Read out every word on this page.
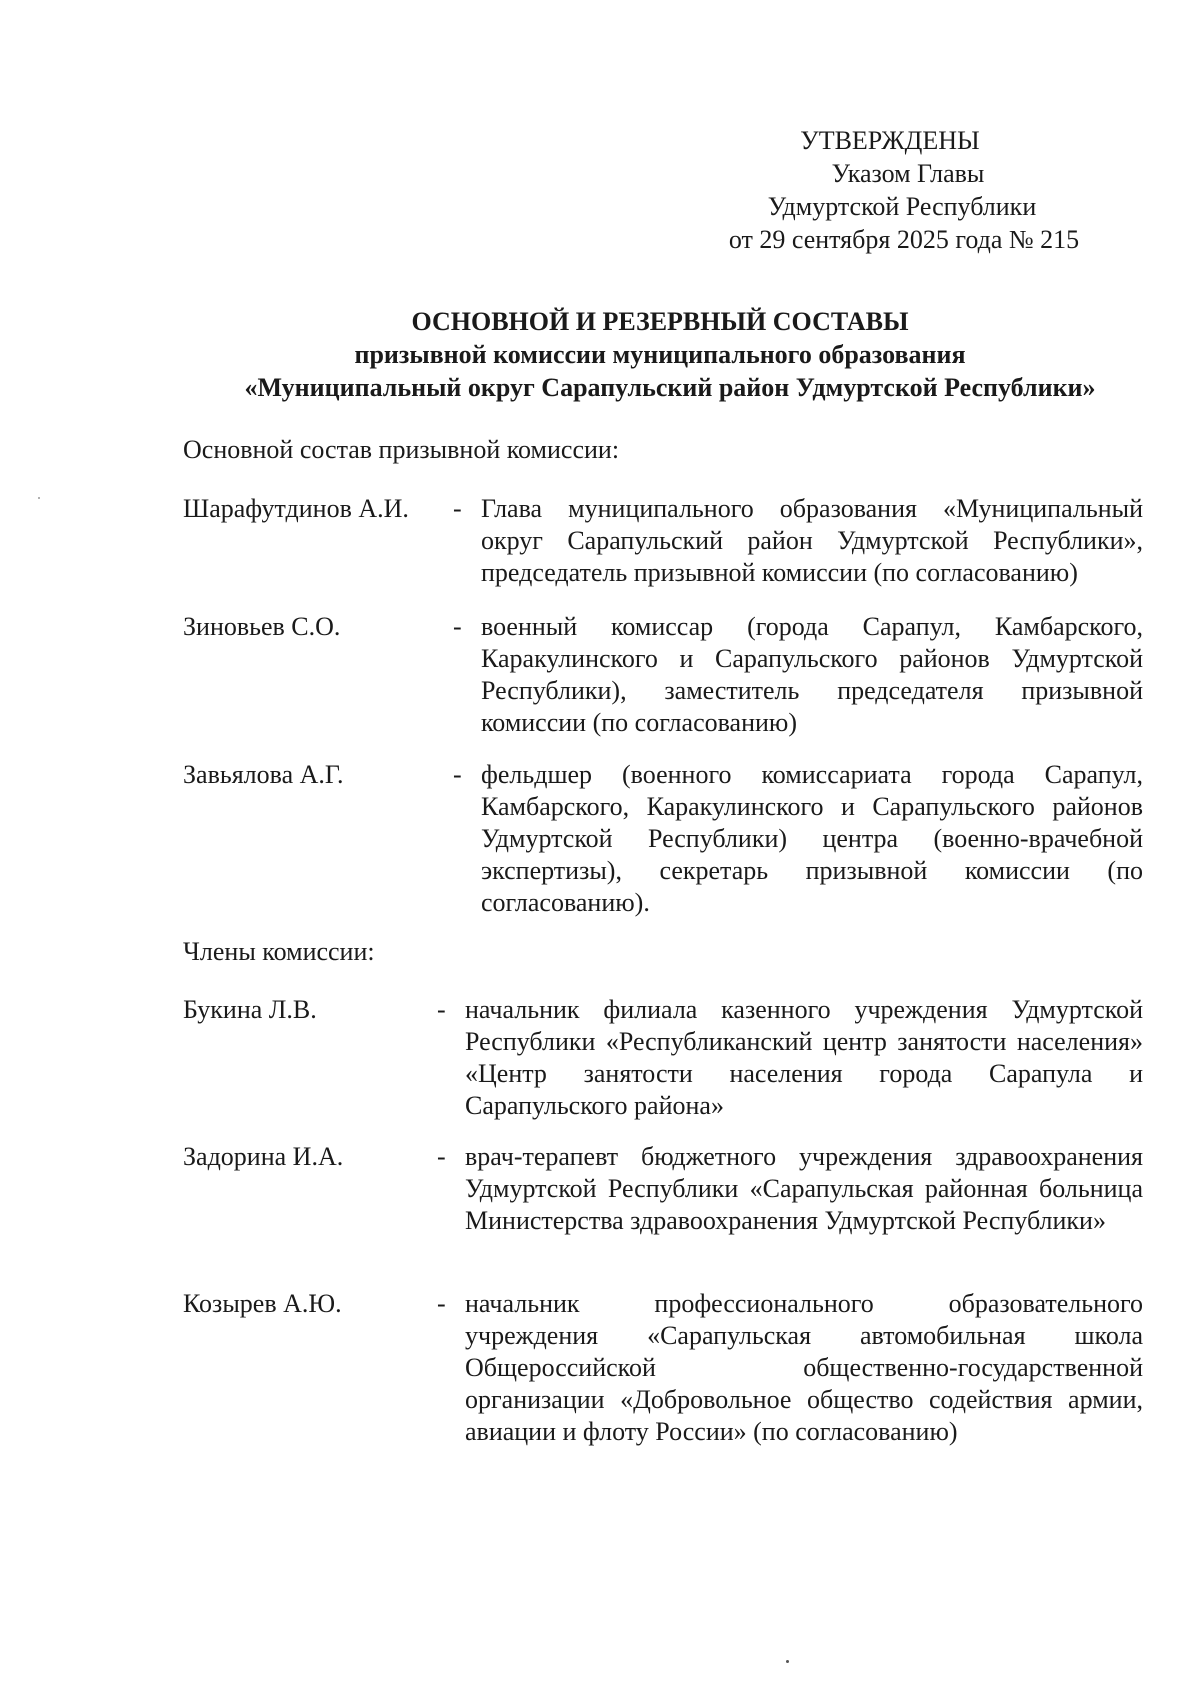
УТВЕРЖДЕНЫ
Указом Главы
Удмуртской Республики
от 29 сентября 2025 года № 215
ОСНОВНОЙ И РЕЗЕРВНЫЙ СОСТАВЫ
призывной комиссии муниципального образования
«Муниципальный округ Сарапульский район Удмуртской Республики»
Основной состав призывной комиссии:
Шарафутдинов А.И. - Глава муниципального образования «Муниципальный округ Сарапульский район Удмуртской Республики», председатель призывной комиссии (по согласованию)
Зиновьев С.О.	- военный комиссар (города Сарапул, Камбарского, Каракулинского и Сарапульского районов Удмуртской Республики), заместитель председателя призывной комиссии (по согласованию)
Завьялова А.Г.	- фельдшер (военного комиссариата города Сарапул, Камбарского, Каракулинского и Сарапульского районов Удмуртской Республики) центра (военно-врачебной экспертизы), секретарь призывной комиссии (по согласованию).
Члены комиссии:
Букина Л.В.	- начальник филиала казенного учреждения Удмуртской Республики «Республиканский центр занятости населения» «Центр занятости населения города Сарапула и Сарапульского района»
Задорина И.А.	- врач-терапевт бюджетного учреждения здравоохранения Удмуртской Республики «Сарапульская районная больница Министерства здравоохранения Удмуртской Республики»
Козырев А.Ю.	- начальник профессионального образовательного учреждения «Сарапульская автомобильная школа Общероссийской общественно-государственной организации «Добровольное общество содействия армии, авиации и флоту России» (по согласованию)
